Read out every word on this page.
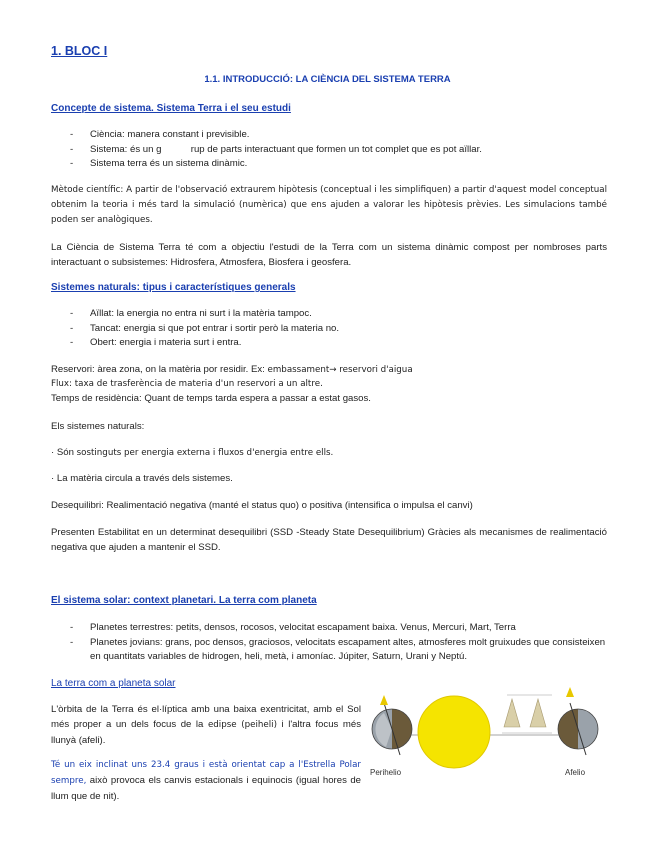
1. BLOC I
1.1. INTRODUCCIÓ: LA CIÈNCIA DEL SISTEMA TERRA
Concepte de sistema. Sistema Terra i el seu estudi
- Ciència: manera constant i previsible.
- Sistema: és un g           rup de parts interactuant que formen un tot complet que es pot aïllar.
- Sistema terra és un sistema dinàmic.
Mètode científic: A partir de l'observació extraurem hipòtesis (conceptual i les simplifiquen) a partir d'aquest model conceptual obtenim la teoria i més tard la simulació (numèrica) que ens ajuden a valorar les hipòtesis prèvies. Les simulacions també poden ser analògiques.
La Ciència de Sistema Terra té com a objectiu l'estudi de la Terra com un sistema dinàmic compost per nombroses parts interactuant o subsistemes: Hidrosfera, Atmosfera, Biosfera i geosfera.
Sistemes naturals: tipus i característiques generals
- Aïllat: la energia no entra ni surt i la matèria tampoc.
- Tancat: energia si que pot entrar i sortir però la materia no.
- Obert: energia i materia surt i entra.
Reservori: àrea zona, on la matèria por residir. Ex: embassament→ reservori d'aigua
Flux: taxa de trasferència de materia d'un reservori a un altre.
Temps de residència: Quant de temps tarda espera a passar a estat gasos.
Els sistemes naturals:
· Són sostinguts per energia externa i fluxos d'energia entre ells.
· La matèria circula a través dels sistemes.
Desequilibri: Realimentació negativa (manté el status quo) o positiva (intensifica o impulsa el canvi)
Presenten Estabilitat en un determinat desequilibri (SSD -Steady State Desequilibrium) Gràcies als mecanismes de realimentació negativa que ajuden a mantenir el SSD.
El sistema solar: context planetari. La terra com planeta
- Planetes terrestres: petits, densos, rocosos, velocitat escapament baixa. Venus, Mercuri, Mart, Terra
- Planetes jovians: grans, poc densos, graciosos, velocitats escapament altes, atmosferes molt gruixudes que consisteixen en quantitats variables de hidrogen, heli, metà, i amoníac. Júpiter, Saturn, Urani y Neptú.
La terra com a planeta solar
L'òrbita de la Terra és el·líptica amb una baixa exentricitat, amb el Sol més proper a un dels focus de la edipse (peiheli) i l'altra focus més llunyà (afeli).
Té un eix inclinat uns 23.4 graus i està orientat cap a l'Estrella Polar sempre, això provoca els canvis estacionals i equinocis (igual hores de llum que de nit).
Perihelio	Afelio
